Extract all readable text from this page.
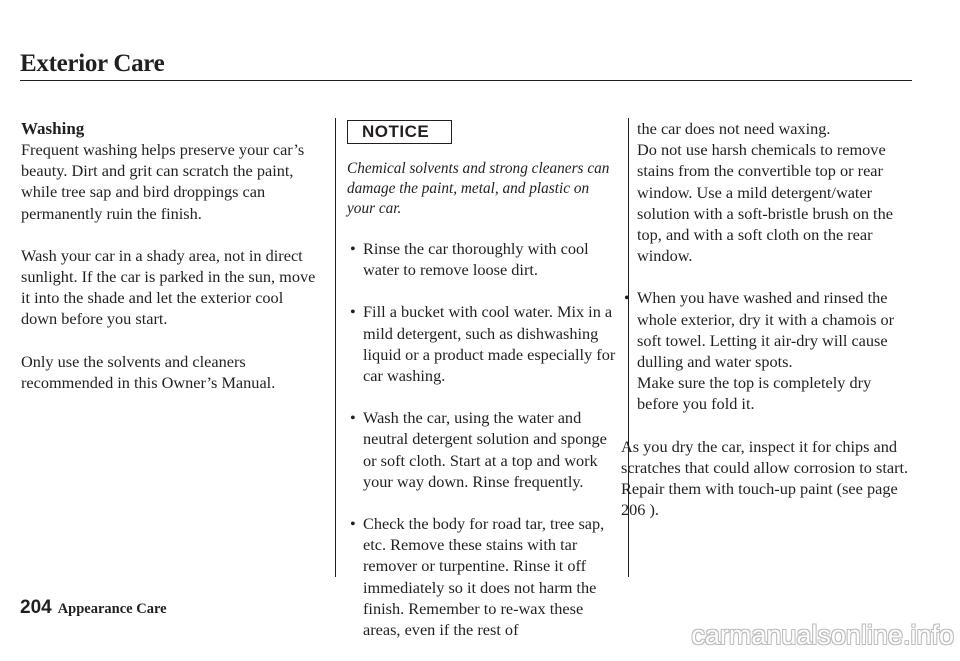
Exterior Care
Washing

Frequent washing helps preserve your car’s beauty. Dirt and grit can scratch the paint, while tree sap and bird droppings can permanently ruin the finish.

Wash your car in a shady area, not in direct sunlight. If the car is parked in the sun, move it into the shade and let the exterior cool down before you start.

Only use the solvents and cleaners recommended in this Owner’s Manual.

NOTICE

Chemical solvents and strong cleaners can damage the paint, metal, and plastic on your car.

• Rinse the car thoroughly with cool water to remove loose dirt.
• Fill a bucket with cool water. Mix in a mild detergent, such as dishwashing liquid or a product made especially for car washing.
• Wash the car, using the water and neutral detergent solution and sponge or soft cloth. Start at a top and work your way down. Rinse frequently.
• Check the body for road tar, tree sap, etc. Remove these stains with tar remover or turpentine. Rinse it off immediately so it does not harm the finish. Remember to re-wax these areas, even if the rest of
the car does not need waxing.
Do not use harsh chemicals to remove stains from the convertible top or rear window. Use a mild detergent/water solution with a soft-bristle brush on the top, and with a soft cloth on the rear window.
• When you have washed and rinsed the whole exterior, dry it with a chamois or soft towel. Letting it air-dry will cause dulling and water spots.
Make sure the top is completely dry before you fold it.

As you dry the car, inspect it for chips and scratches that could allow corrosion to start. Repair them with touch-up paint (see page 206 ).

204 Appearance Care
carmanualsonline.info
